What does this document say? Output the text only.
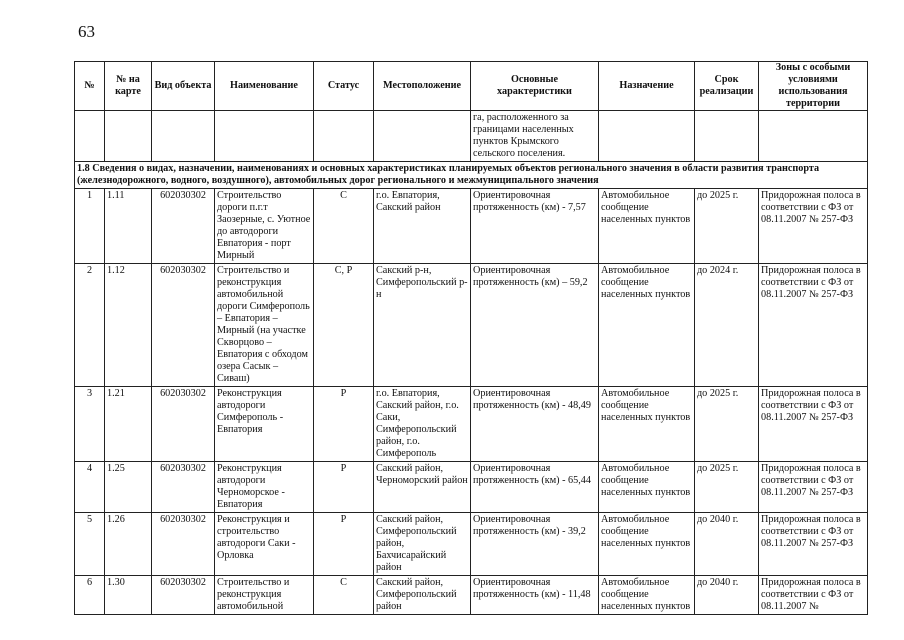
63
№	№ на карте	Вид объекта	Наименование	Статус	Местоположение	Основные характеристики	Назначение	Срок реализации	Зоны с особыми условиями использования территории
						га, расположенного за границами населенных пунктов Крымского сельского поселения.			
1.8 Сведения о видах, назначении, наименованиях и основных характеристиках планируемых объектов регионального значения в области развития транспорта (железнодорожного, водного, воздушного), автомобильных дорог регионального и межмуниципального значения									
1	1.11	602030302	Строительство дороги п.г.т Заозерные, с. Уютное до автодороги Евпатория - порт Мирный	С	г.о. Евпатория, Сакский район	Ориентировочная протяженность (км) - 7,57	Автомобильное сообщение населенных пунктов	до 2025 г.	Придорожная полоса в соответствии с ФЗ от 08.11.2007 № 257-ФЗ
2	1.12	602030302	Строительство и реконструкция автомобильной дороги Симферополь – Евпатория – Мирный (на участке Скворцово – Евпатория с обходом озера Сасык – Сиваш)	С, Р	Сакский р-н, Симферопольский р-н	Ориентировочная протяженность (км) – 59,2	Автомобильное сообщение населенных пунктов	до 2024 г.	Придорожная полоса в соответствии с ФЗ от 08.11.2007 № 257-ФЗ
3	1.21	602030302	Реконструкция автодороги Симферополь - Евпатория	Р	г.о. Евпатория, Сакский район, г.о. Саки, Симферопольский район, г.о. Симферополь	Ориентировочная протяженность (км) - 48,49	Автомобильное сообщение населенных пунктов	до 2025 г.	Придорожная полоса в соответствии с ФЗ от 08.11.2007 № 257-ФЗ
4	1.25	602030302	Реконструкция автодороги Черноморское - Евпатория	Р	Сакский район, Черноморский район	Ориентировочная протяженность (км) - 65,44	Автомобильное сообщение населенных пунктов	до 2025 г.	Придорожная полоса в соответствии с ФЗ от 08.11.2007 № 257-ФЗ
5	1.26	602030302	Реконструкция и строительство автодороги Саки - Орловка	Р	Сакский район, Симферопольский район, Бахчисарайский район	Ориентировочная протяженность (км) - 39,2	Автомобильное сообщение населенных пунктов	до 2040 г.	Придорожная полоса в соответствии с ФЗ от 08.11.2007 № 257-ФЗ
6	1.30	602030302	Строительство и реконструкция автомобильной	С	Сакский район, Симферопольский район	Ориентировочная протяженность (км) - 11,48	Автомобильное сообщение населенных пунктов	до 2040 г.	Придорожная полоса в соответствии с ФЗ от 08.11.2007 №
